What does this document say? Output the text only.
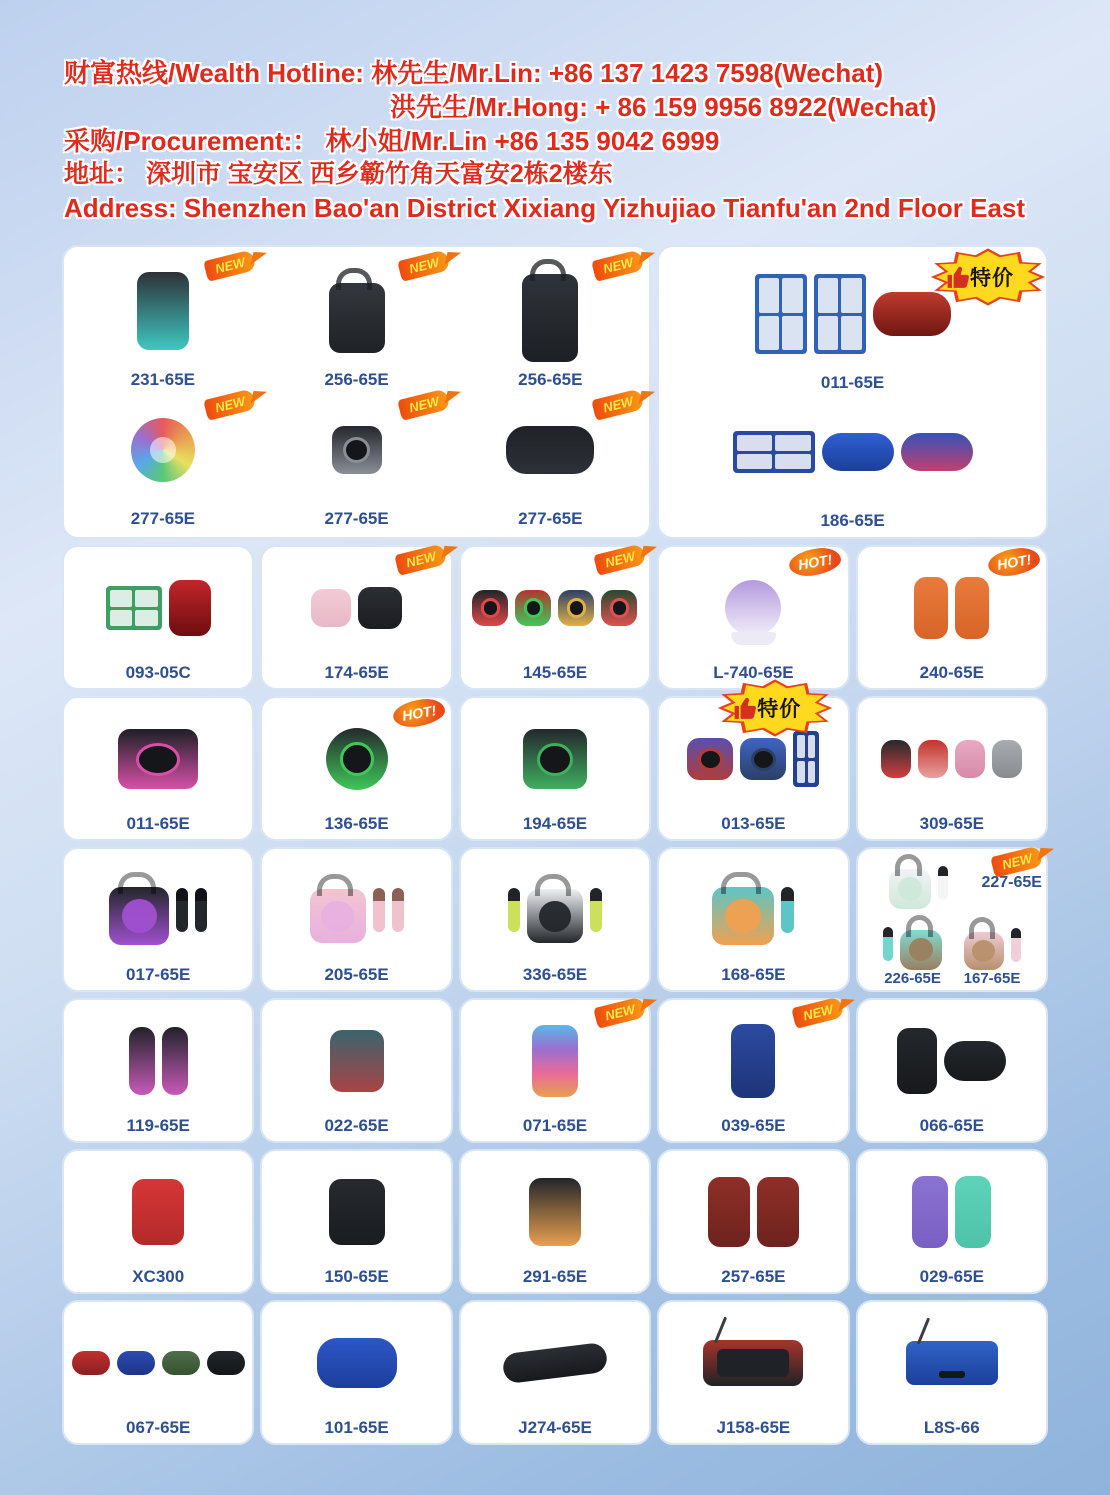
财富热线/Wealth Hotline: 林先生/Mr.Lin: +86 137 1423 7598(Wechat)
洪先生/Mr.Hong: + 86 159 9956 8922(Wechat)
采购/Procurement:： 林小姐/Mr.Lin +86 135 9042 6999
地址： 深圳市 宝安区 西乡簕竹角天富安2栋2楼东
Address: Shenzhen Bao'an District Xixiang Yizhujiao Tianfu'an 2nd Floor East
231-65E
NEW
256-65E
NEW
256-65E
NEW
277-65E
NEW
277-65E
NEW
277-65E
NEW
特价
011-65E
186-65E
093-05C
NEW
174-65E
NEW
145-65E
HOT!
L-740-65E
HOT!
240-65E
011-65E
HOT!
136-65E	194-65E
特价
013-65E	309-65E
017-65E	205-65E	336-65E	168-65E
NEW
227-65E
226-65E 167-65E
119-65E	022-65E
NEW
071-65E
NEW
039-65E	066-65E
XC300	150-65E	291-65E	257-65E	029-65E
067-65E	101-65E	J274-65E	J158-65E	L8S-66
